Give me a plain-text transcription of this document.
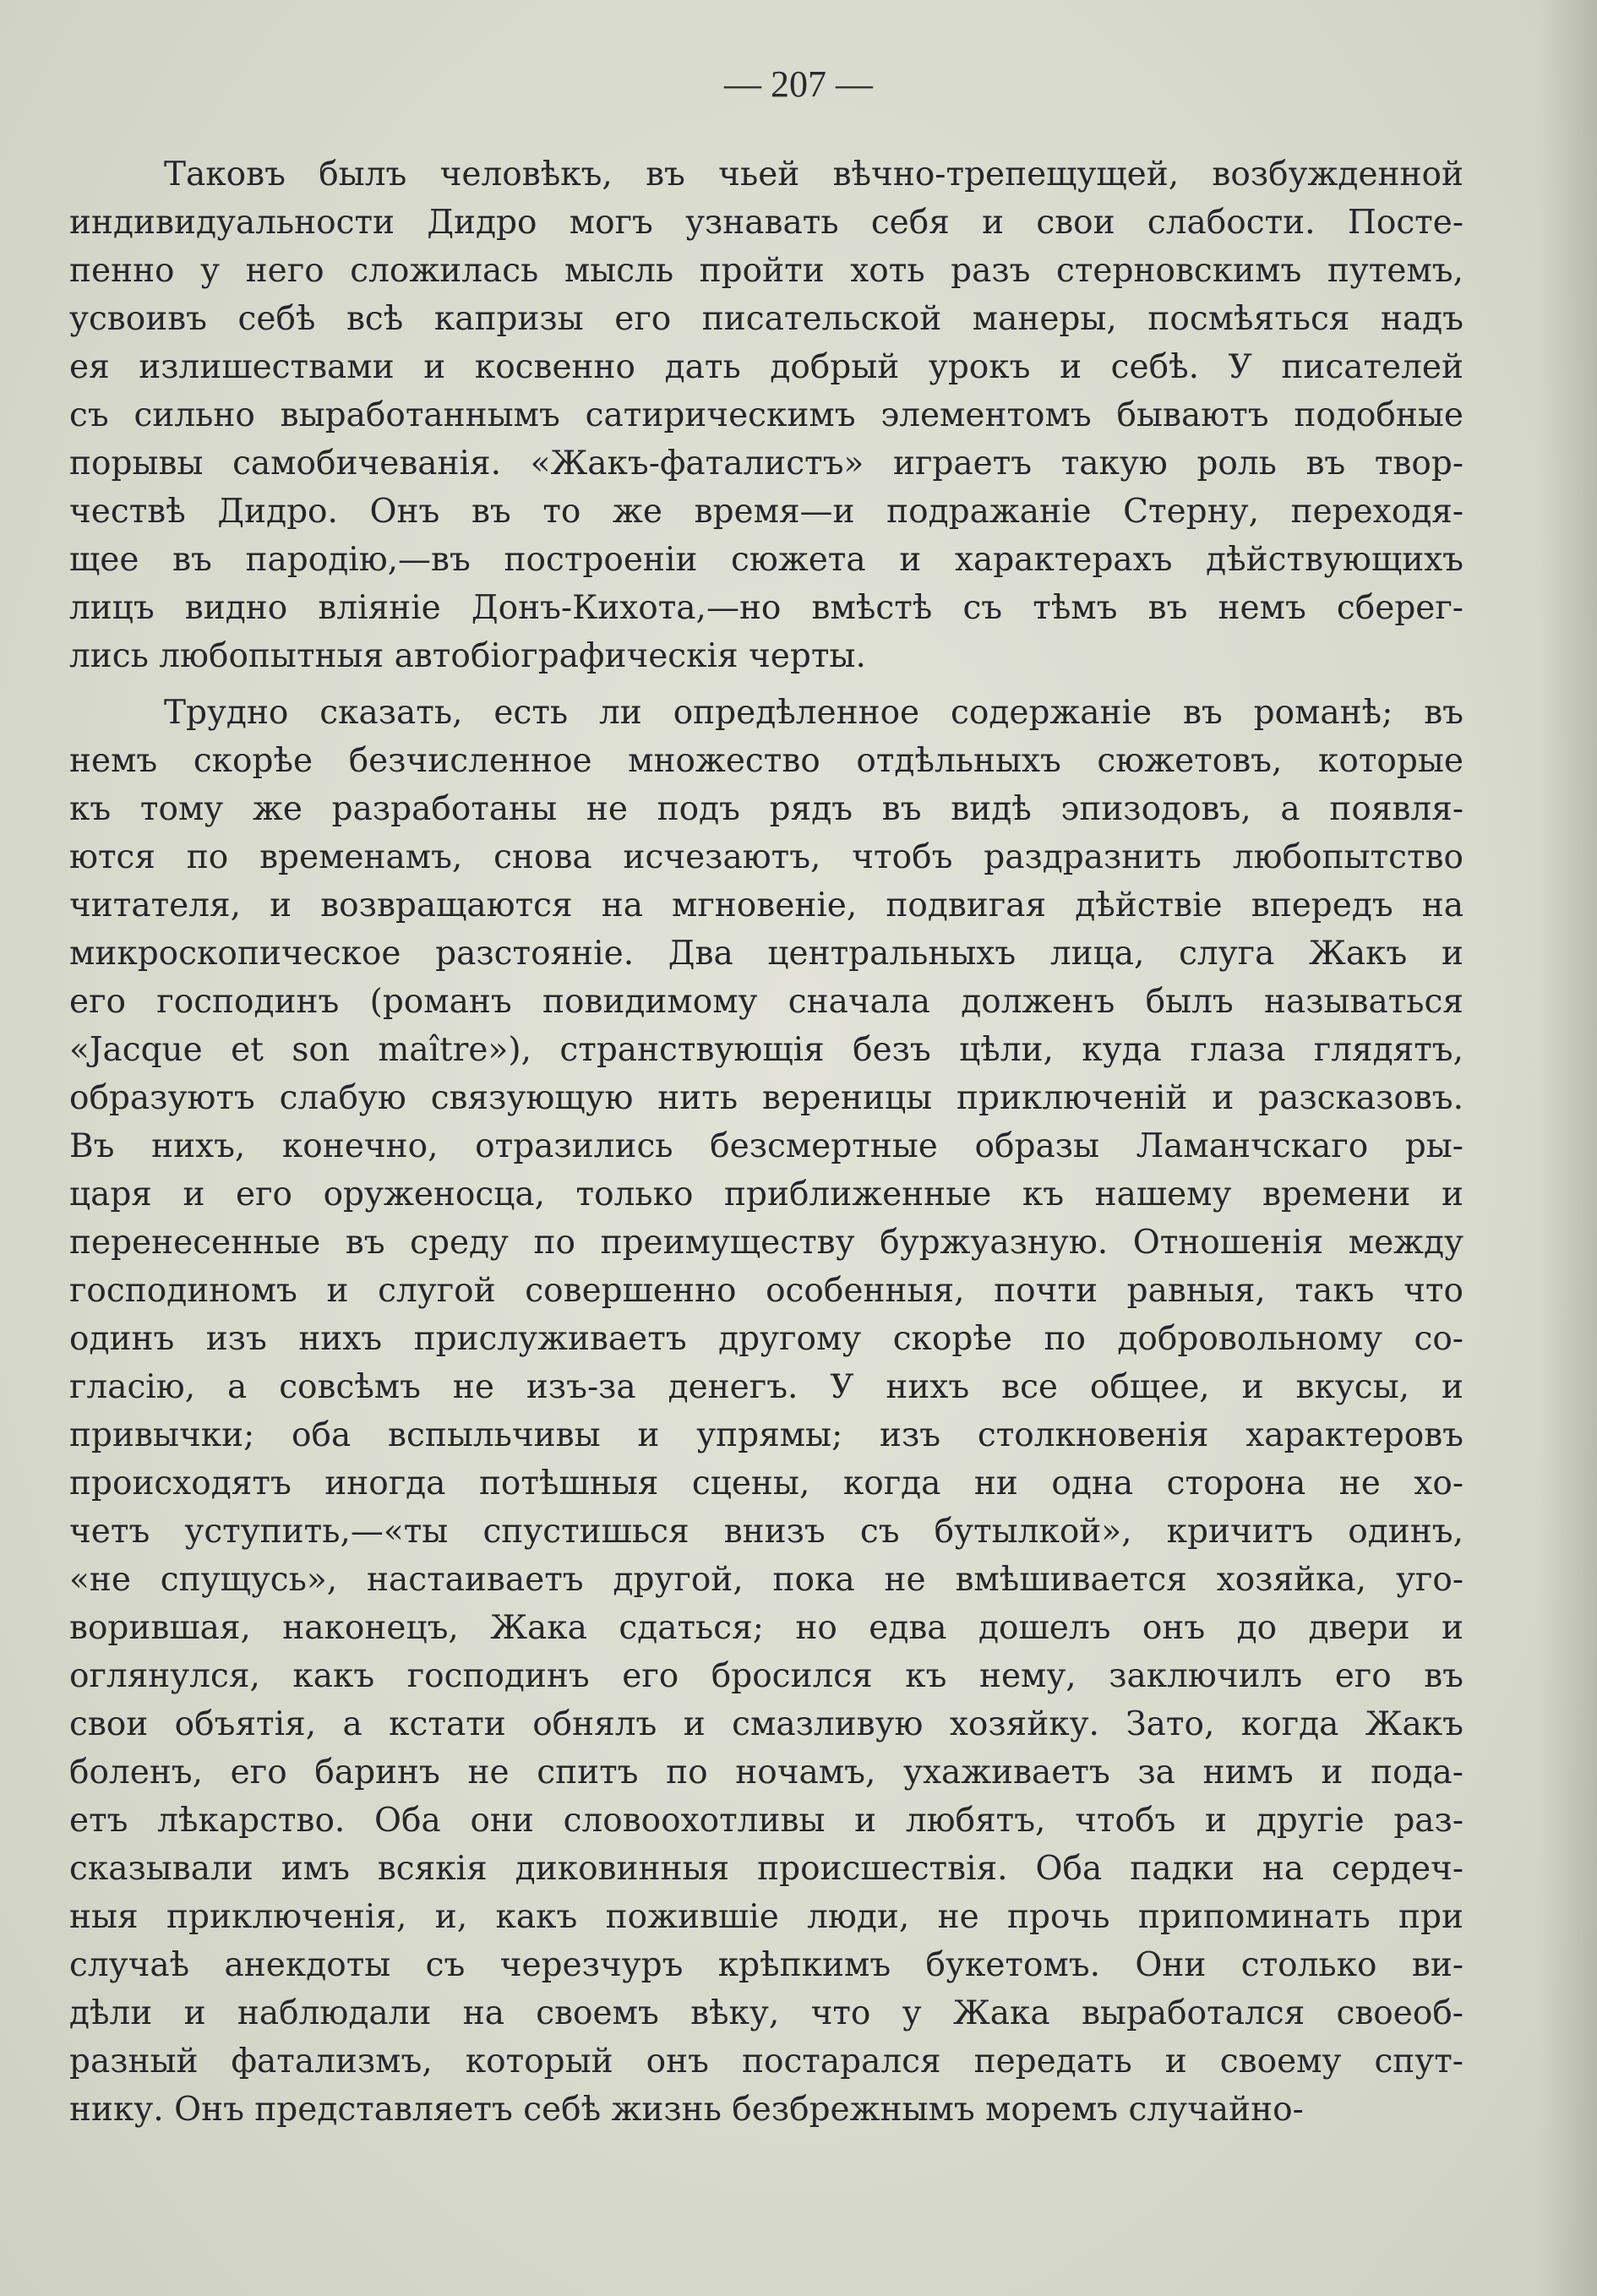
— 207 —
Таковъ былъ человѣкъ, въ чьей вѣчно-трепещущей, возбужденной
индивидуальности Дидро могъ узнавать себя и свои слабости. Посте-
пенно у него сложилась мысль пройти хоть разъ стерновскимъ путемъ,
усвоивъ себѣ всѣ капризы его писательской манеры, посмѣяться надъ
ея излишествами и косвенно дать добрый урокъ и себѣ. У писателей
съ сильно выработаннымъ сатирическимъ элементомъ бываютъ подобные
порывы самобичеванія. «Жакъ-фаталистъ» играетъ такую роль въ твор-
чествѣ Дидро. Онъ въ то же время—и подражаніе Стерну, переходя-
щее въ пародію,—въ построеніи сюжета и характерахъ дѣйствующихъ
лицъ видно вліяніе Донъ-Кихота,—но вмѣстѣ съ тѣмъ въ немъ сберег-
лись любопытныя автобіографическія черты.
Трудно сказать, есть ли опредѣленное содержаніе въ романѣ; въ
немъ скорѣе безчисленное множество отдѣльныхъ сюжетовъ, которые
къ тому же разработаны не подъ рядъ въ видѣ эпизодовъ, а появля-
ются по временамъ, снова исчезаютъ, чтобъ раздразнить любопытство
читателя, и возвращаются на мгновеніе, подвигая дѣйствіе впередъ на
микроскопическое разстояніе. Два центральныхъ лица, слуга Жакъ и
его господинъ (романъ повидимому сначала долженъ былъ называться
«Jacque et son maître»), странствующія безъ цѣли, куда глаза глядятъ,
образуютъ слабую связующую нить вереницы приключеній и разсказовъ.
Въ нихъ, конечно, отразились безсмертные образы Ламанчскаго ры-
царя и его оруженосца, только приближенные къ нашему времени и
перенесенные въ среду по преимуществу буржуазную. Отношенія между
господиномъ и слугой совершенно особенныя, почти равныя, такъ что
одинъ изъ нихъ прислуживаетъ другому скорѣе по добровольному со-
гласію, а совсѣмъ не изъ-за денегъ. У нихъ все общее, и вкусы, и
привычки; оба вспыльчивы и упрямы; изъ столкновенія характеровъ
происходятъ иногда потѣшныя сцены, когда ни одна сторона не хо-
четъ уступить,—«ты спустишься внизъ съ бутылкой», кричитъ одинъ,
«не спущусь», настаиваетъ другой, пока не вмѣшивается хозяйка, уго-
ворившая, наконецъ, Жака сдаться; но едва дошелъ онъ до двери и
оглянулся, какъ господинъ его бросился къ нему, заключилъ его въ
свои объятія, а кстати обнялъ и смазливую хозяйку. Зато, когда Жакъ
боленъ, его баринъ не спитъ по ночамъ, ухаживаетъ за нимъ и пода-
етъ лѣкарство. Оба они словоохотливы и любятъ, чтобъ и другіе раз-
сказывали имъ всякія диковинныя происшествія. Оба падки на сердеч-
ныя приключенія, и, какъ пожившіе люди, не прочь припоминать при
случаѣ анекдоты съ черезчуръ крѣпкимъ букетомъ. Они столько ви-
дѣли и наблюдали на своемъ вѣку, что у Жака выработался своеоб-
разный фатализмъ, который онъ постарался передать и своему спут-
нику. Онъ представляетъ себѣ жизнь безбрежнымъ моремъ случайно-
